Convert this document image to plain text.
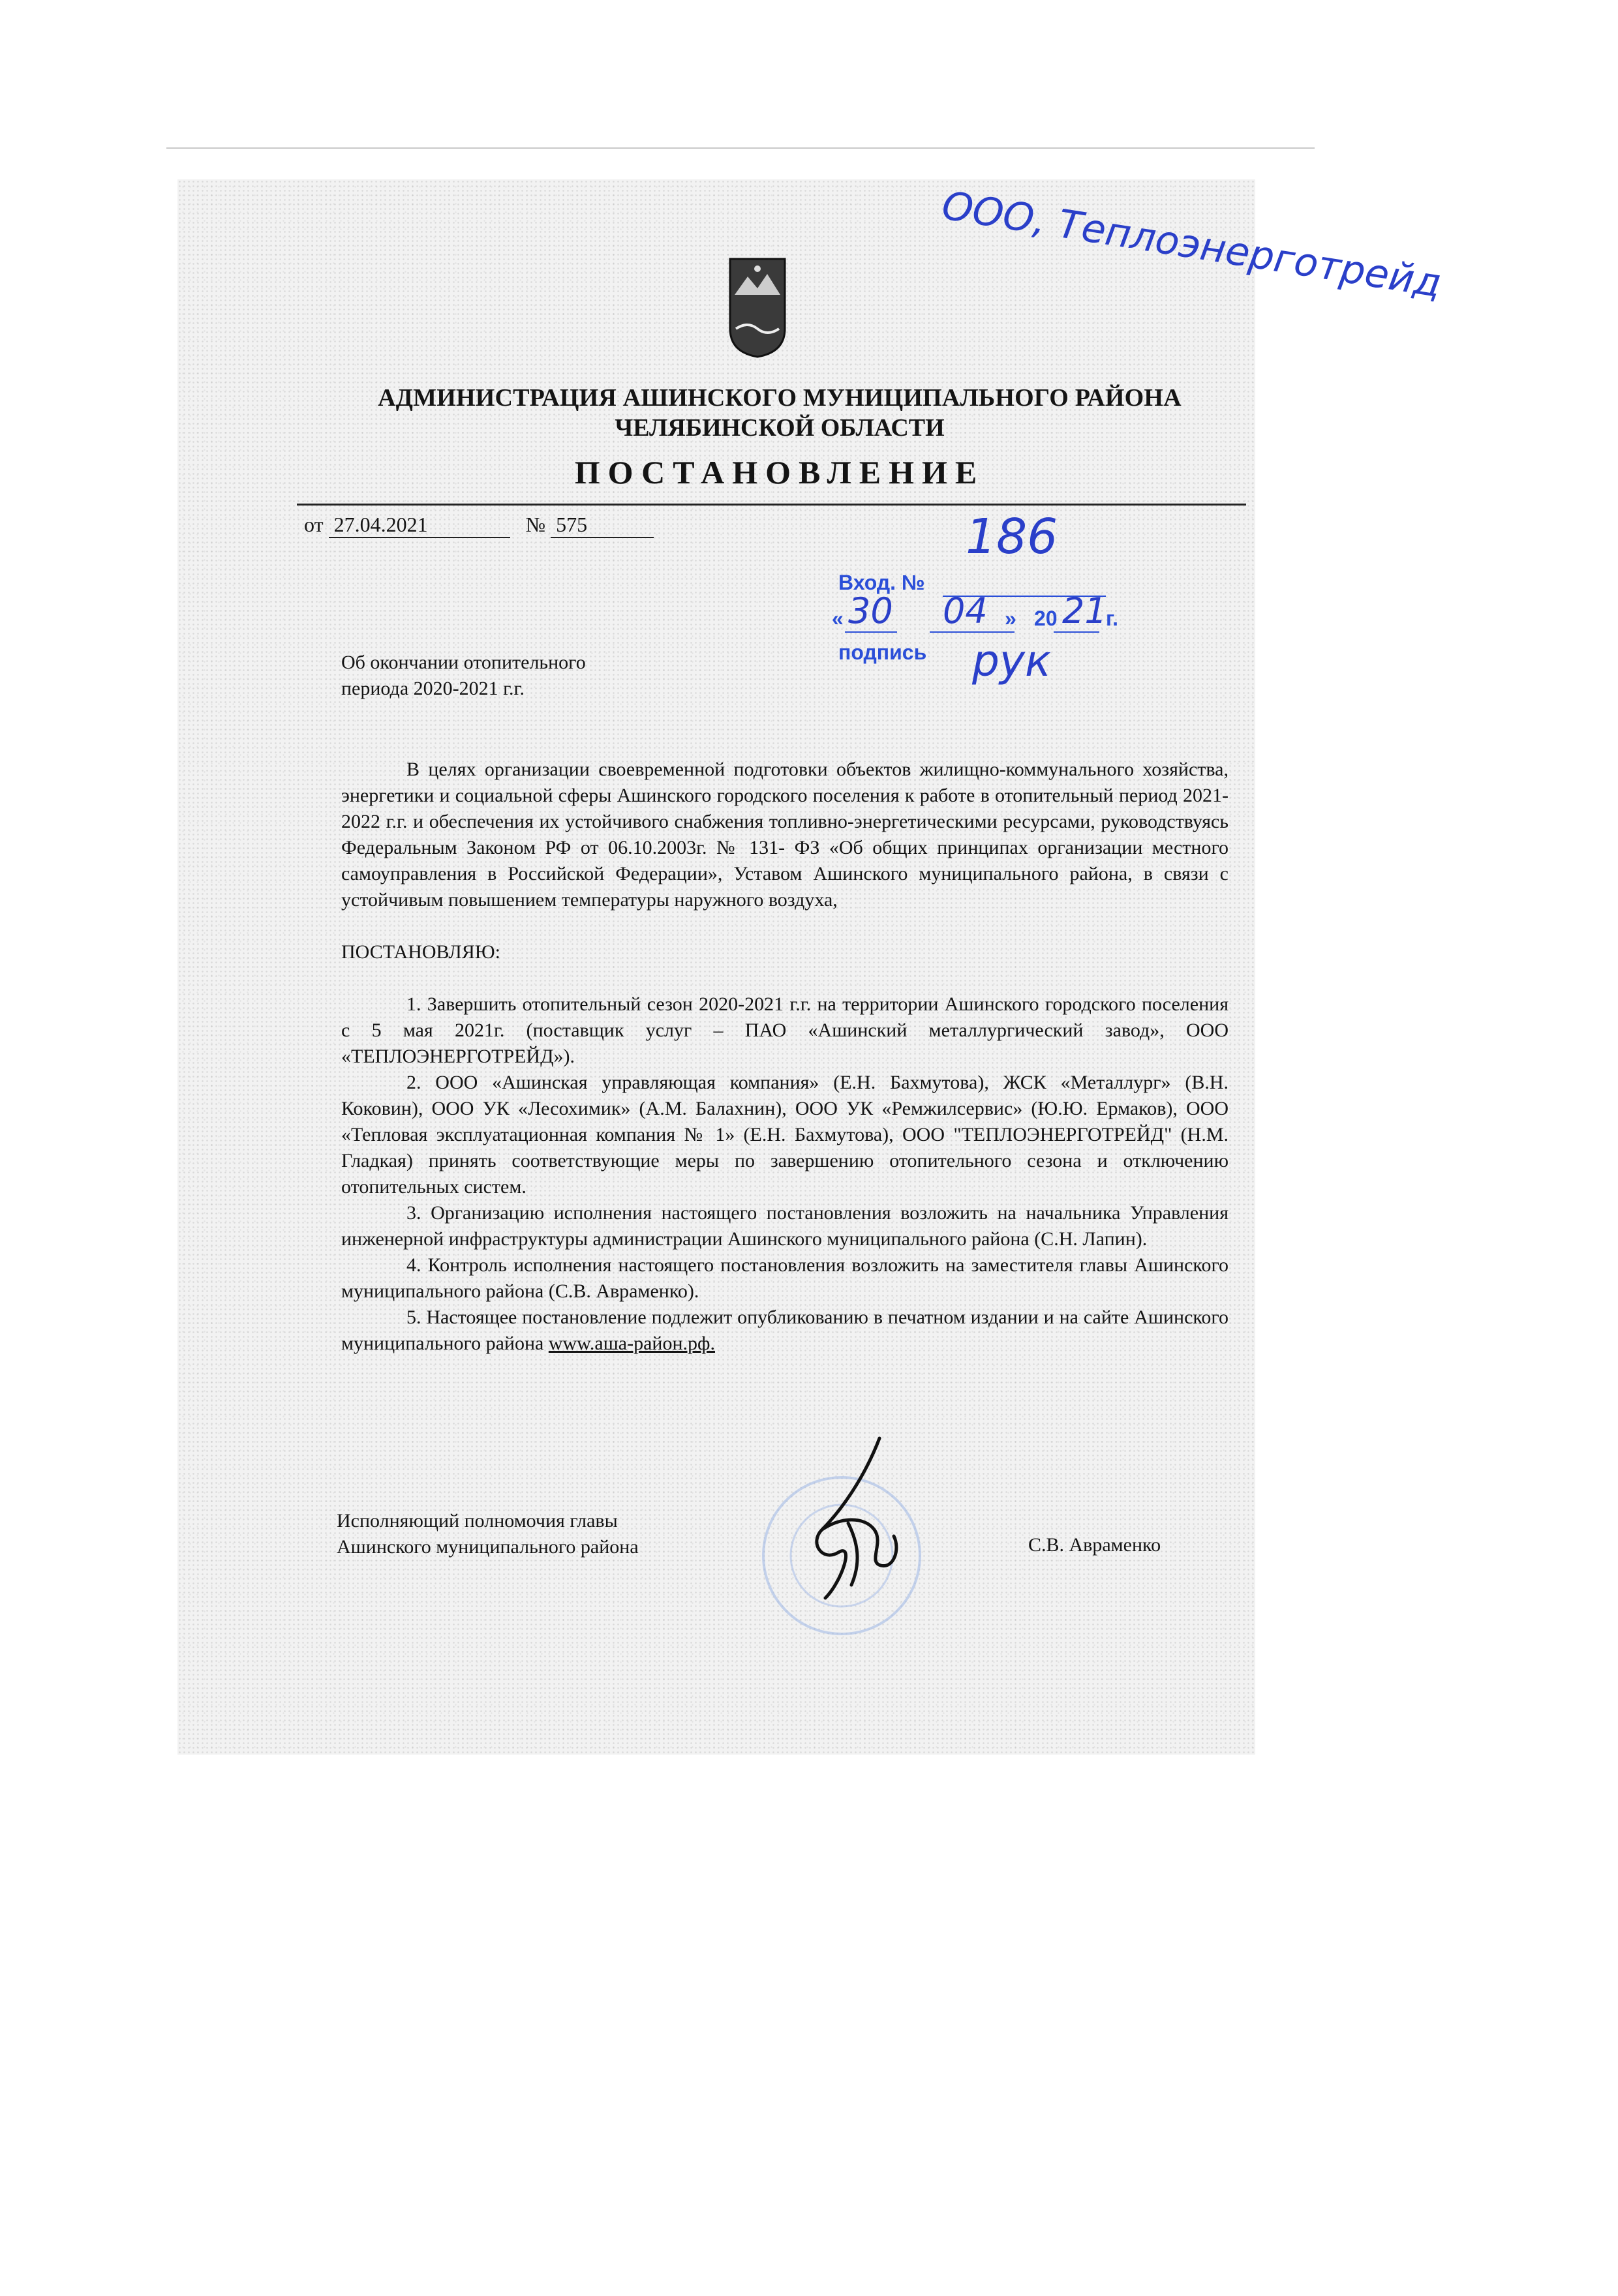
АДМИНИСТРАЦИЯ АШИНСКОГО МУНИЦИПАЛЬНОГО РАЙОНА
ЧЕЛЯБИНСКОЙ ОБЛАСТИ
ПОСТАНОВЛЕНИЕ
от 27.04.2021	№ 575
ООО, Теплоэнерготрейд
Вход. №
«	» 20 г.
подпись
186
30 04 21
рук
Об окончании отопительного
периода 2020-2021 г.г.

В целях организации своевременной подготовки объектов жилищно-коммунального хозяйства, энергетики и социальной сферы Ашинского городского поселения к работе в отопительный период 2021-2022 г.г. и обеспечения их устойчивого снабжения топливно-энергетическими ресурсами, руководствуясь Федеральным Законом РФ от 06.10.2003г. № 131- ФЗ «Об общих принципах организации местного самоуправления в Российской Федерации», Уставом Ашинского муниципального района, в связи с устойчивым повышением температуры наружного воздуха,

ПОСТАНОВЛЯЮ:

1. Завершить отопительный сезон 2020-2021 г.г. на территории Ашинского городского поселения с 5 мая 2021г. (поставщик услуг – ПАО «Ашинский металлургический завод», ООО «ТЕПЛОЭНЕРГОТРЕЙД»).

2. ООО «Ашинская управляющая компания» (Е.Н. Бахмутова), ЖСК «Металлург» (В.Н. Коковин), ООО УК «Лесохимик» (А.М. Балахнин), ООО УК «Ремжилсервис» (Ю.Ю. Ермаков), ООО «Тепловая эксплуатационная компания № 1» (Е.Н. Бахмутова), ООО "ТЕПЛОЭНЕРГОТРЕЙД" (Н.М. Гладкая) принять соответствующие меры по завершению отопительного сезона и отключению отопительных систем.

3. Организацию исполнения настоящего постановления возложить на начальника Управления инженерной инфраструктуры администрации Ашинского муниципального района (С.Н. Лапин).

4. Контроль исполнения настоящего постановления возложить на заместителя главы Ашинского муниципального района (С.В. Авраменко).

5. Настоящее постановление подлежит опубликованию в печатном издании и на сайте Ашинского муниципального района www.аша-район.рф.

Исполняющий полномочия главы
Ашинского муниципального района	С.В. Авраменко
